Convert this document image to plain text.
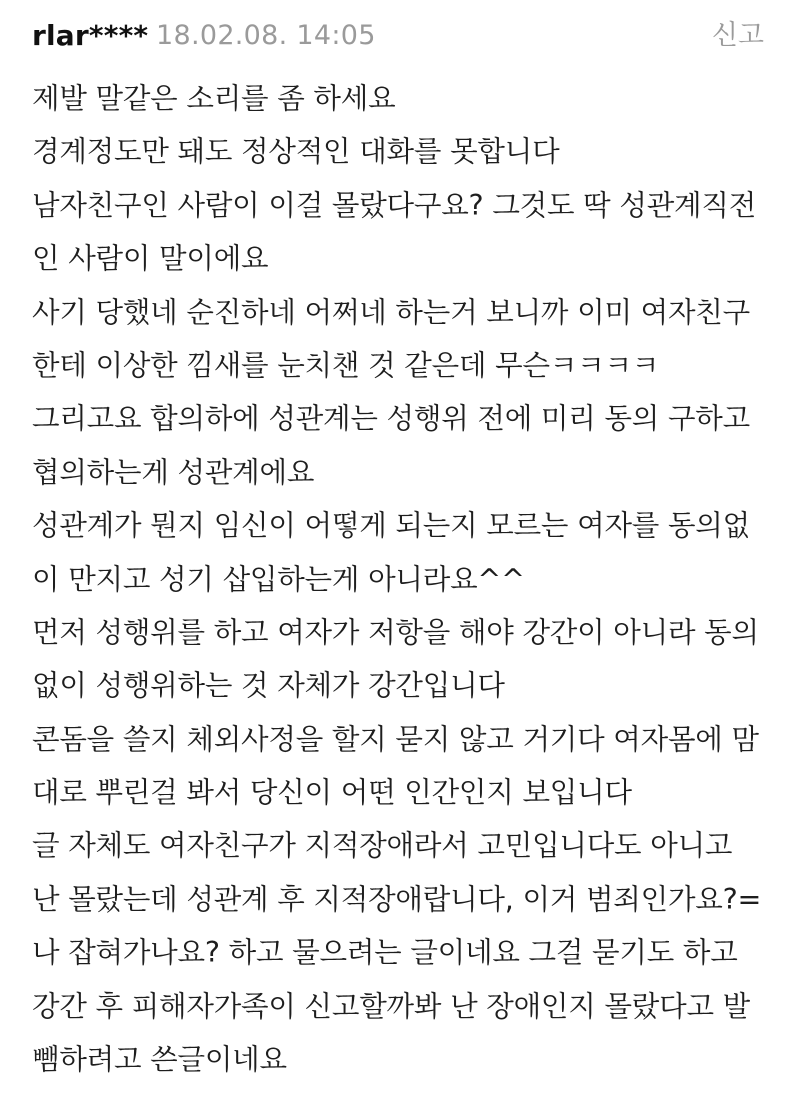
rlar**** 18.02.08. 14:05	신고
제발 말같은 소리를 좀 하세요
경계정도만 돼도 정상적인 대화를 못합니다
남자친구인 사람이 이걸 몰랐다구요? 그것도 딱 성관계직전
인 사람이 말이에요
사기 당했네 순진하네 어쩌네 하는거 보니까 이미 여자친구
한테 이상한 낌새를 눈치챈 것 같은데 무슨ㅋㅋㅋㅋ
그리고요 합의하에 성관계는 성행위 전에 미리 동의 구하고
협의하는게 성관계에요
성관계가 뭔지 임신이 어떻게 되는지 모르는 여자를 동의없
이 만지고 성기 삽입하는게 아니라요^^
먼저 성행위를 하고 여자가 저항을 해야 강간이 아니라 동의
없이 성행위하는 것 자체가 강간입니다
콘돔을 쓸지 체외사정을 할지 묻지 않고 거기다 여자몸에 맘
대로 뿌린걸 봐서 당신이 어떤 인간인지 보입니다
글 자체도 여자친구가 지적장애라서 고민입니다도 아니고
난 몰랐는데 성관계 후 지적장애랍니다, 이거 범죄인가요?=
나 잡혀가나요? 하고 물으려는 글이네요 그걸 묻기도 하고
강간 후 피해자가족이 신고할까봐 난 장애인지 몰랐다고 발
뺌하려고 쓴글이네요
